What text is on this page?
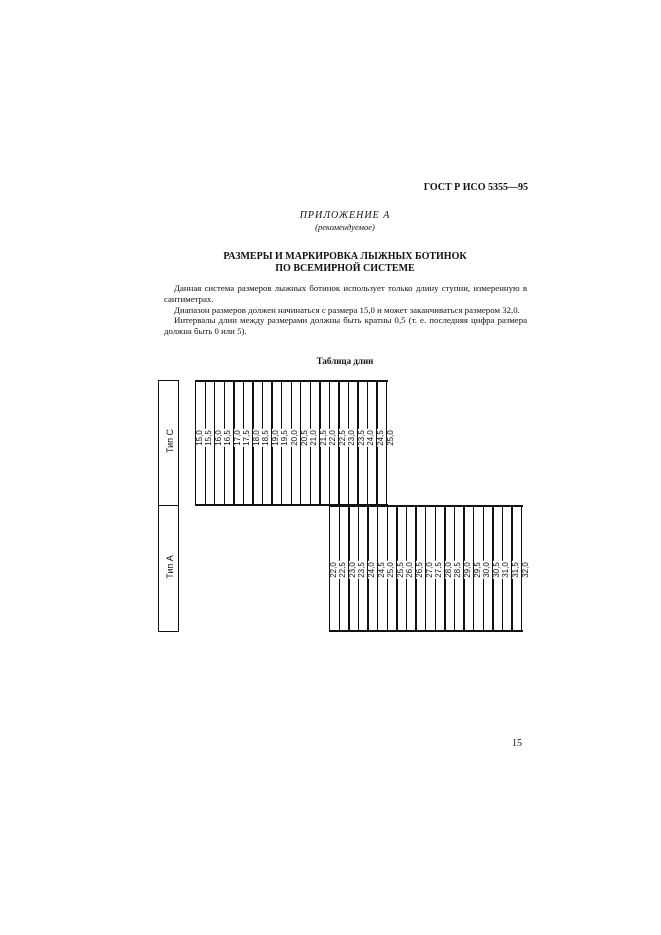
ГОСТ Р ИСО 5355—95
ПРИЛОЖЕНИЕ А
(рекомендуемое)
РАЗМЕРЫ И МАРКИРОВКА ЛЫЖНЫХ БОТИНОК
ПО ВСЕМИРНОЙ СИСТЕМЕ

Данная система размеров лыжных ботинок использует только длину ступни, измеренную в сантиметрах.

Диапазон размеров должен начинаться с размера 15,0 и может заканчиваться размером 32,0.

Интервалы длин между размерами должны быть кратны 0,5 (т. е. последняя цифра размера должна быть 0 или 5).

Таблица длин
Тип С
Тип А
15,0 15,5 16,0 16,5 17,0 17,5 18,0 18,5 19,0 19,5 20,0 20,5 21,0 21,5 22,0 22,5 23,0 23,5 24,0 24,5 25,0
22,0 22,5 23,0 23,5 24,0 24,5 25,0 25,5 26,0 26,5 27,0 27,5 28,0 28,5 29,0 29,5 30,0 30,5 31,0 31,5 32,0
15
